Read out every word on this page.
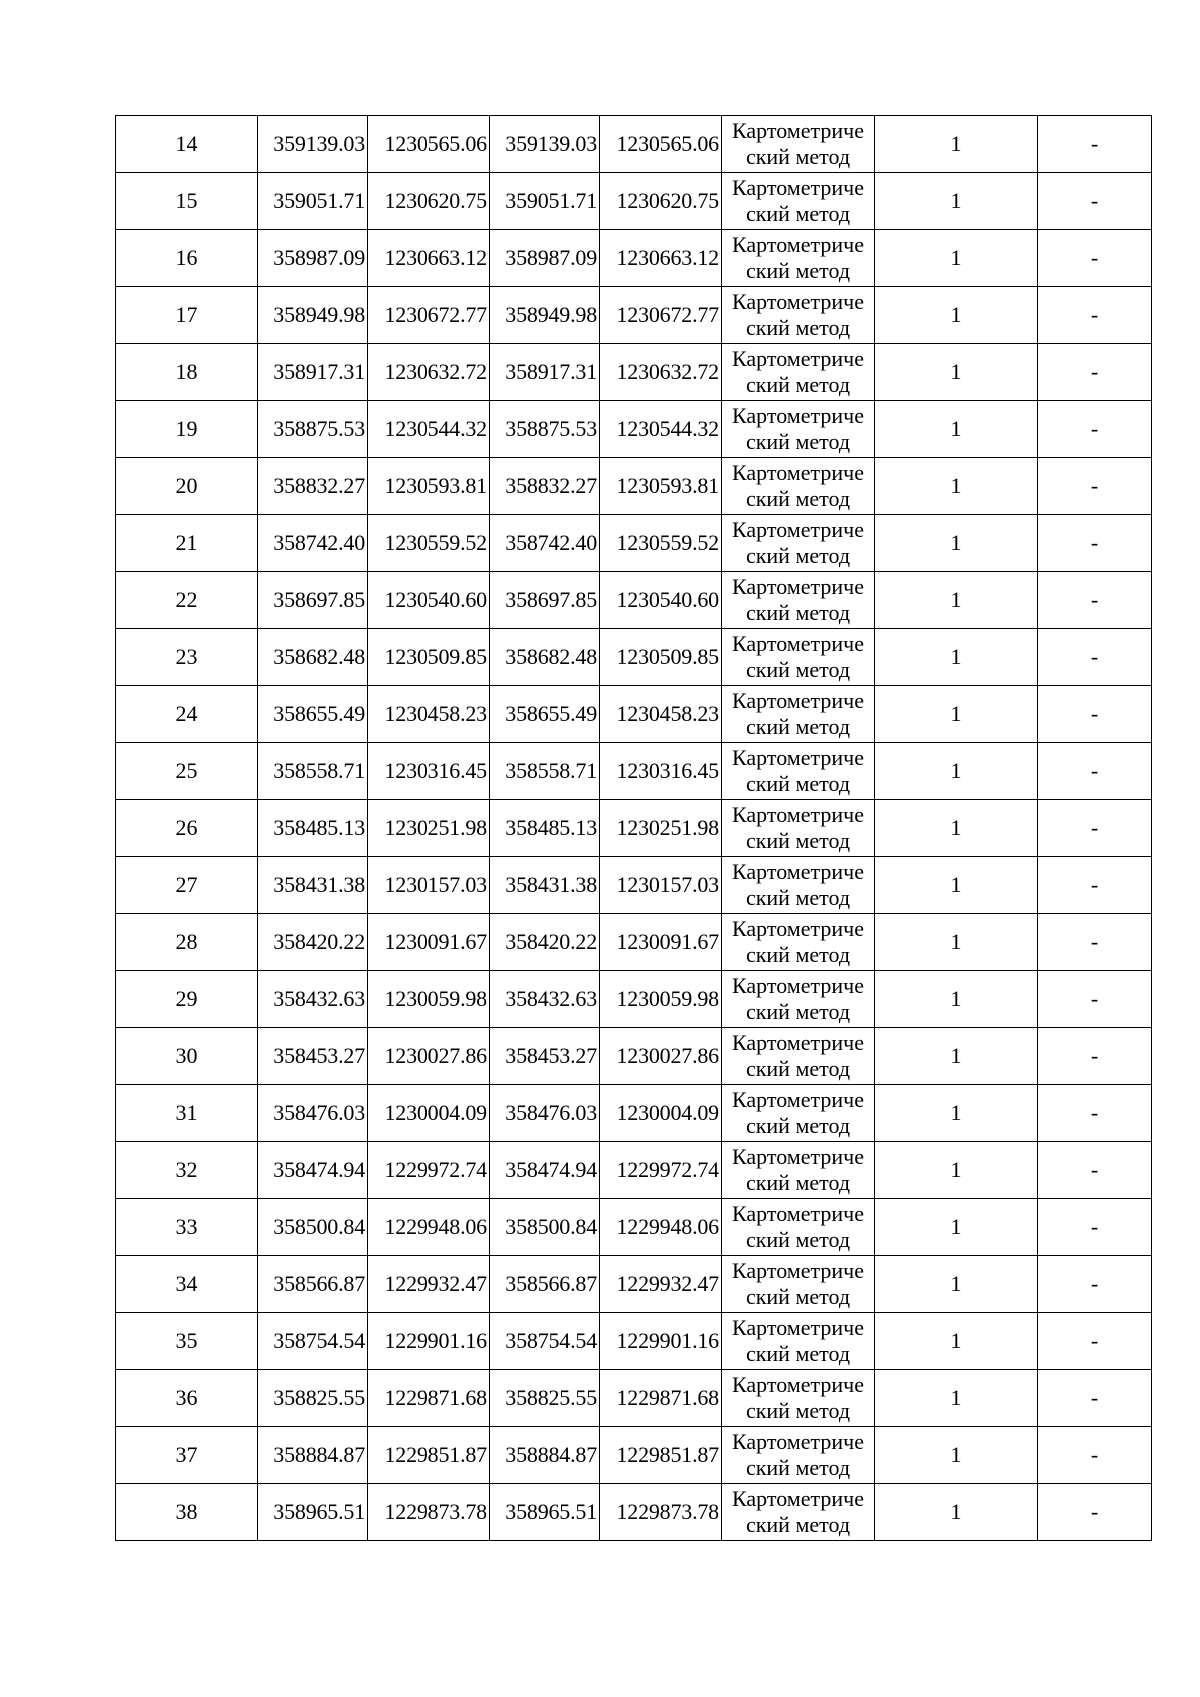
14	359139.03	1230565.06	359139.03	1230565.06	Картометриче
ский метод	1	-
15	359051.71	1230620.75	359051.71	1230620.75	Картометриче
ский метод	1	-
16	358987.09	1230663.12	358987.09	1230663.12	Картометриче
ский метод	1	-
17	358949.98	1230672.77	358949.98	1230672.77	Картометриче
ский метод	1	-
18	358917.31	1230632.72	358917.31	1230632.72	Картометриче
ский метод	1	-
19	358875.53	1230544.32	358875.53	1230544.32	Картометриче
ский метод	1	-
20	358832.27	1230593.81	358832.27	1230593.81	Картометриче
ский метод	1	-
21	358742.40	1230559.52	358742.40	1230559.52	Картометриче
ский метод	1	-
22	358697.85	1230540.60	358697.85	1230540.60	Картометриче
ский метод	1	-
23	358682.48	1230509.85	358682.48	1230509.85	Картометриче
ский метод	1	-
24	358655.49	1230458.23	358655.49	1230458.23	Картометриче
ский метод	1	-
25	358558.71	1230316.45	358558.71	1230316.45	Картометриче
ский метод	1	-
26	358485.13	1230251.98	358485.13	1230251.98	Картометриче
ский метод	1	-
27	358431.38	1230157.03	358431.38	1230157.03	Картометриче
ский метод	1	-
28	358420.22	1230091.67	358420.22	1230091.67	Картометриче
ский метод	1	-
29	358432.63	1230059.98	358432.63	1230059.98	Картометриче
ский метод	1	-
30	358453.27	1230027.86	358453.27	1230027.86	Картометриче
ский метод	1	-
31	358476.03	1230004.09	358476.03	1230004.09	Картометриче
ский метод	1	-
32	358474.94	1229972.74	358474.94	1229972.74	Картометриче
ский метод	1	-
33	358500.84	1229948.06	358500.84	1229948.06	Картометриче
ский метод	1	-
34	358566.87	1229932.47	358566.87	1229932.47	Картометриче
ский метод	1	-
35	358754.54	1229901.16	358754.54	1229901.16	Картометриче
ский метод	1	-
36	358825.55	1229871.68	358825.55	1229871.68	Картометриче
ский метод	1	-
37	358884.87	1229851.87	358884.87	1229851.87	Картометриче
ский метод	1	-
38	358965.51	1229873.78	358965.51	1229873.78	Картометриче
ский метод	1	-
